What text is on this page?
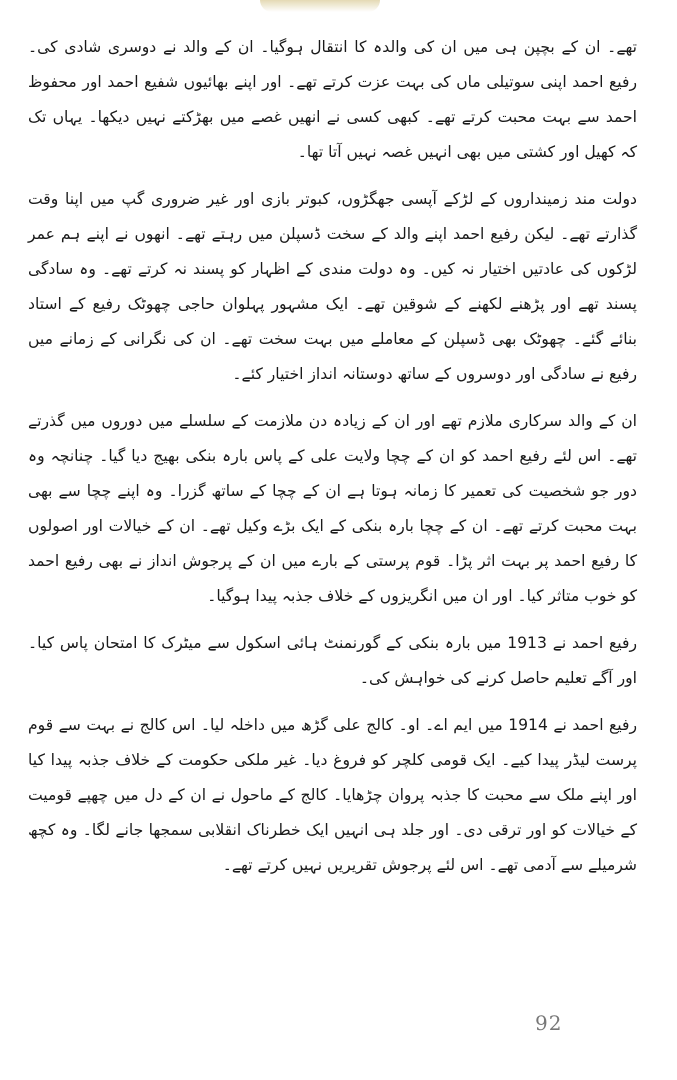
تھے۔ ان کے بچپن ہی میں ان کی والدہ کا انتقال ہوگیا۔ ان کے والد نے دوسری شادی کی۔ رفیع احمد اپنی سوتیلی ماں کی بہت عزت کرتے تھے۔ اور اپنے بھائیوں شفیع احمد اور محفوظ احمد سے بہت محبت کرتے تھے۔ کبھی کسی نے انھیں غصے میں بھڑکتے نہیں دیکھا۔ یہاں تک کہ کھیل اور کشتی میں بھی انہیں غصہ نہیں آتا تھا۔

دولت مند زمینداروں کے لڑکے آپسی جھگڑوں، کبوتر بازی اور غیر ضروری گپ میں اپنا وقت گذارتے تھے۔ لیکن رفیع احمد اپنے والد کے سخت ڈسپلن میں رہتے تھے۔ انھوں نے اپنے ہم عمر لڑکوں کی عادتیں اختیار نہ کیں۔ وہ دولت مندی کے اظہار کو پسند نہ کرتے تھے۔ وہ سادگی پسند تھے اور پڑھنے لکھنے کے شوقین تھے۔ ایک مشہور پہلوان حاجی چھوٹک رفیع کے استاد بنائے گئے۔ چھوٹک بھی ڈسپلن کے معاملے میں بہت سخت تھے۔ ان کی نگرانی کے زمانے میں رفیع نے سادگی اور دوسروں کے ساتھ دوستانہ انداز اختیار کئے۔

ان کے والد سرکاری ملازم تھے اور ان کے زیادہ دن ملازمت کے سلسلے میں دوروں میں گذرتے تھے۔ اس لئے رفیع احمد کو ان کے چچا ولایت علی کے پاس بارہ بنکی بھیج دیا گیا۔ چنانچہ وہ دور جو شخصیت کی تعمیر کا زمانہ ہوتا ہے ان کے چچا کے ساتھ گزرا۔ وہ اپنے چچا سے بھی بہت محبت کرتے تھے۔ ان کے چچا بارہ بنکی کے ایک بڑے وکیل تھے۔ ان کے خیالات اور اصولوں کا رفیع احمد پر بہت اثر پڑا۔ قوم پرستی کے بارے میں ان کے پرجوش انداز نے بھی رفیع احمد کو خوب متاثر کیا۔ اور ان میں انگریزوں کے خلاف جذبہ پیدا ہوگیا۔

رفیع احمد نے 1913 میں بارہ بنکی کے گورنمنٹ ہائی اسکول سے میٹرک کا امتحان پاس کیا۔ اور آگے تعلیم حاصل کرنے کی خواہش کی۔

رفیع احمد نے 1914 میں ایم اے۔ او۔ کالج علی گڑھ میں داخلہ لیا۔ اس کالج نے بہت سے قوم پرست لیڈر پیدا کیے۔ ایک قومی کلچر کو فروغ دیا۔ غیر ملکی حکومت کے خلاف جذبہ پیدا کیا اور اپنے ملک سے محبت کا جذبہ پروان چڑھایا۔ کالج کے ماحول نے ان کے دل میں چھپے قومیت کے خیالات کو اور ترقی دی۔ اور جلد ہی انہیں ایک خطرناک انقلابی سمجھا جانے لگا۔ وہ کچھ شرمیلے سے آدمی تھے۔ اس لئے پرجوش تقریریں نہیں کرتے تھے۔

92
